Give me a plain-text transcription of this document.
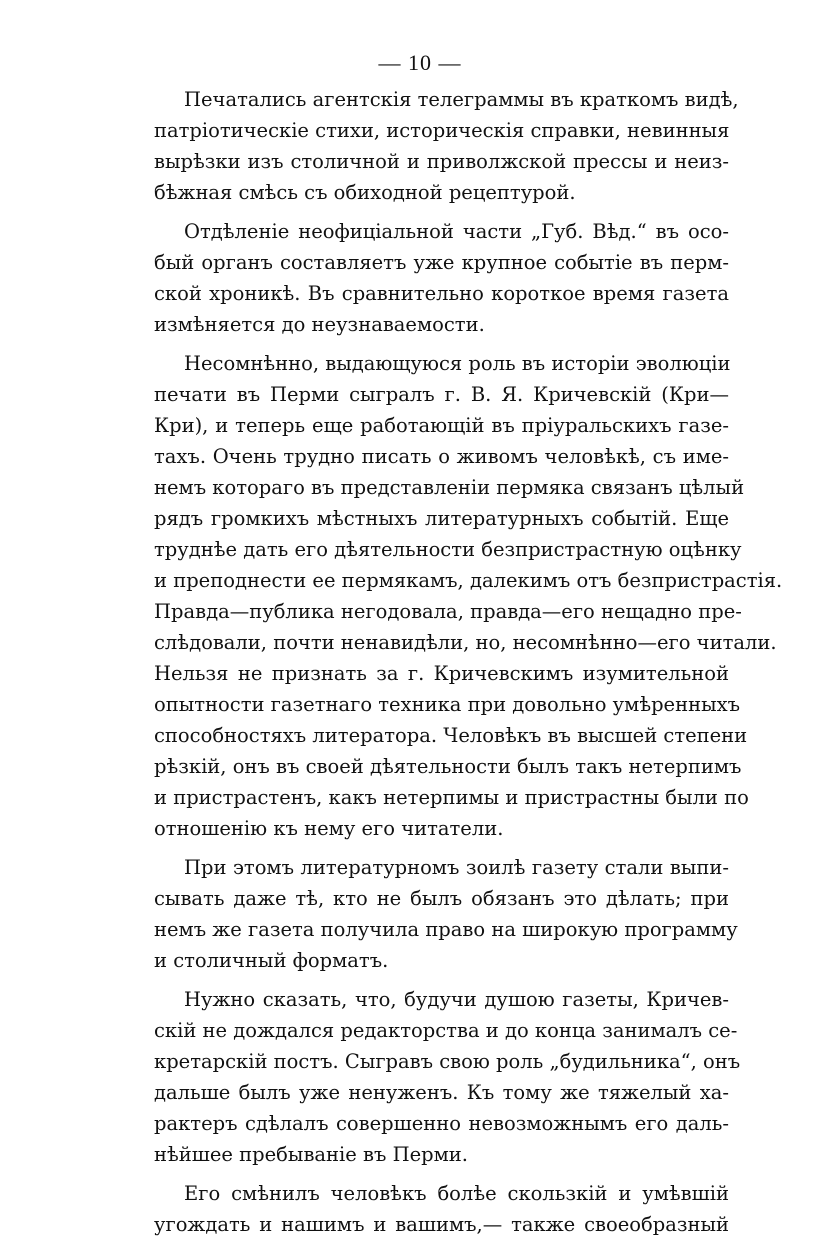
— 10 —
Печатались агентскія телеграммы въ краткомъ видѣ,
патріотическіе стихи, историческія справки, невинныя
вырѣзки изъ столичной и приволжской прессы и неиз-
бѣжная смѣсь съ обиходной рецептурой.
Отдѣленіе неофиціальной части „Губ. Вѣд.“ въ осо-
бый органъ составляетъ уже крупное событіе въ перм-
ской хроникѣ. Въ сравнительно короткое время газета
измѣняется до неузнаваемости.
Несомнѣнно, выдающуюся роль въ исторіи эволюціи
печати въ Перми сыгралъ г. В. Я. Кричевскій (Кри—
Кри), и теперь еще работающій въ пріуральскихъ газе-
тахъ. Очень трудно писать о живомъ человѣкѣ, съ име-
немъ котораго въ представленіи пермяка связанъ цѣлый
рядъ громкихъ мѣстныхъ литературныхъ событій. Еще
труднѣе дать его дѣятельности безпристрастную оцѣнку
и преподнести ее пермякамъ, далекимъ отъ безпристрастія.
Правда—публика негодовала, правда—его нещадно пре-
слѣдовали, почти ненавидѣли, но, несомнѣнно—его читали.
Нельзя не признать за г. Кричевскимъ изумительной
опытности газетнаго техника при довольно умѣренныхъ
способностяхъ литератора. Человѣкъ въ высшей степени
рѣзкій, онъ въ своей дѣятельности былъ такъ нетерпимъ
и пристрастенъ, какъ нетерпимы и пристрастны были по
отношенію къ нему его читатели.
При этомъ литературномъ зоилѣ газету стали выпи-
сывать даже тѣ, кто не былъ обязанъ это дѣлать; при
немъ же газета получила право на широкую программу
и столичный форматъ.
Нужно сказать, что, будучи душою газеты, Кричев-
скій не дождался редакторства и до конца занималъ се-
кретарскій постъ. Сыгравъ свою роль „будильника“, онъ
дальше былъ уже ненуженъ. Къ тому же тяжелый ха-
рактеръ сдѣлалъ совершенно невозможнымъ его даль-
нѣйшее пребываніе въ Перми.
Его смѣнилъ человѣкъ болѣе скользкій и умѣвшій
угождать и нашимъ и вашимъ,— также своеобразный
